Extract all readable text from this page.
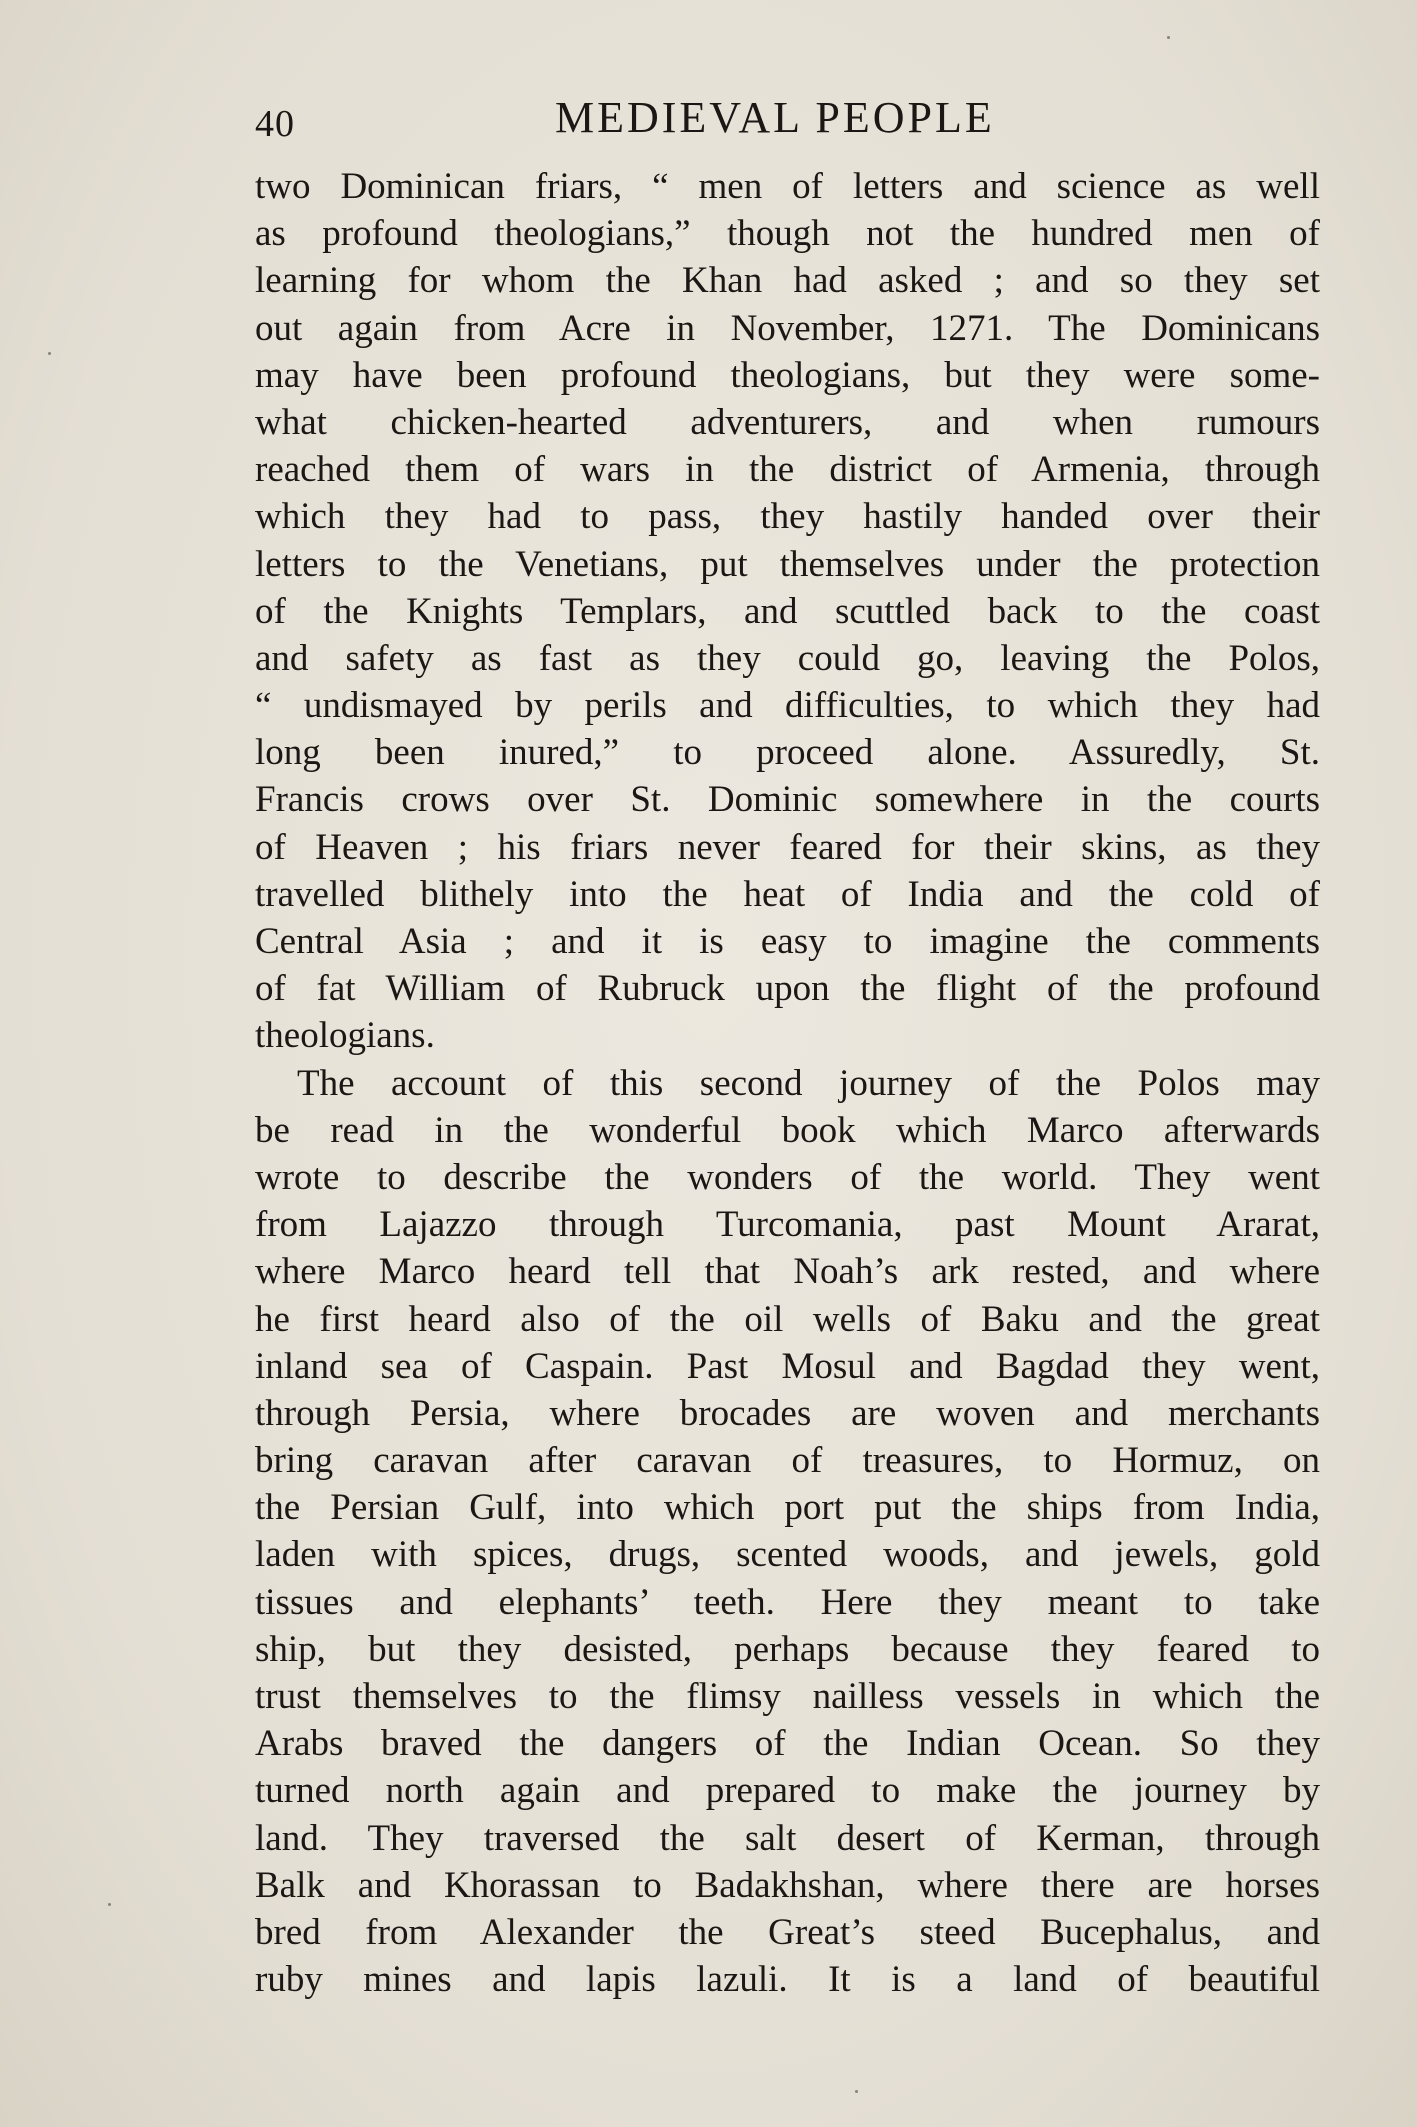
40	MEDIEVAL PEOPLE
two Dominican friars, “ men of letters and science as well
as profound theologians,” though not the hundred men of
learning for whom the Khan had asked ; and so they set
out again from Acre in November, 1271. The Dominicans
may have been profound theologians, but they were some-
what chicken-hearted adventurers, and when rumours
reached them of wars in the district of Armenia, through
which they had to pass, they hastily handed over their
letters to the Venetians, put themselves under the protection
of the Knights Templars, and scuttled back to the coast
and safety as fast as they could go, leaving the Polos,
“ undismayed by perils and difficulties, to which they had
long been inured,” to proceed alone. Assuredly, St.
Francis crows over St. Dominic somewhere in the courts
of Heaven ; his friars never feared for their skins, as they
travelled blithely into the heat of India and the cold of
Central Asia ; and it is easy to imagine the comments
of fat William of Rubruck upon the flight of the profound
theologians.
The account of this second journey of the Polos may
be read in the wonderful book which Marco afterwards
wrote to describe the wonders of the world. They went
from Lajazzo through Turcomania, past Mount Ararat,
where Marco heard tell that Noah’s ark rested, and where
he first heard also of the oil wells of Baku and the great
inland sea of Caspain. Past Mosul and Bagdad they went,
through Persia, where brocades are woven and merchants
bring caravan after caravan of treasures, to Hormuz, on
the Persian Gulf, into which port put the ships from India,
laden with spices, drugs, scented woods, and jewels, gold
tissues and elephants’ teeth. Here they meant to take
ship, but they desisted, perhaps because they feared to
trust themselves to the flimsy nailless vessels in which the
Arabs braved the dangers of the Indian Ocean. So they
turned north again and prepared to make the journey by
land. They traversed the salt desert of Kerman, through
Balk and Khorassan to Badakhshan, where there are horses
bred from Alexander the Great’s steed Bucephalus, and
ruby mines and lapis lazuli. It is a land of beautiful
